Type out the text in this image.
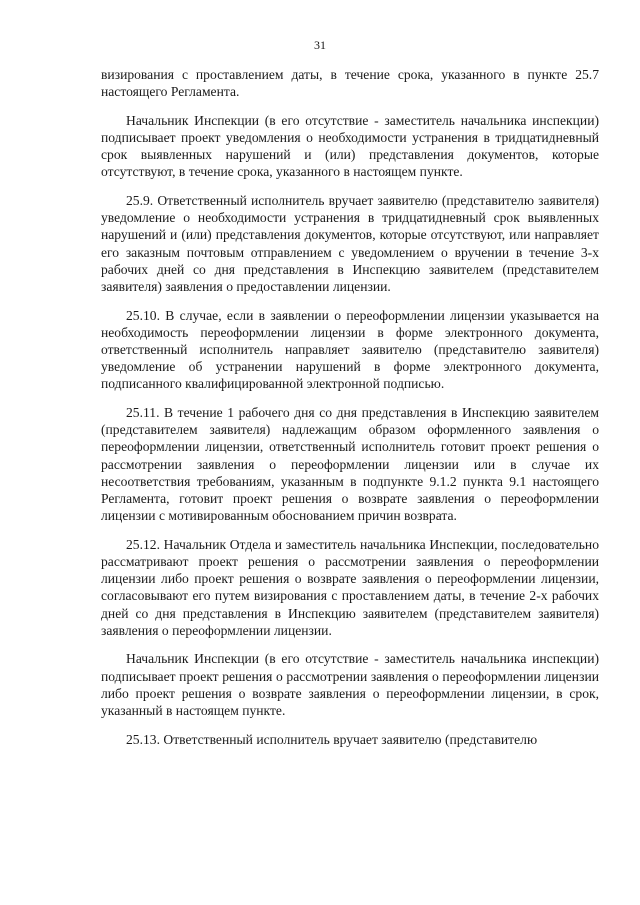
31

визирования с проставлением даты, в течение срока, указанного в пункте 25.7 настоящего Регламента.

Начальник Инспекции (в его отсутствие - заместитель начальника инспекции) подписывает проект уведомления о необходимости устранения в тридцатидневный срок выявленных нарушений и (или) представления документов, которые отсутствуют, в течение срока, указанного в настоящем пункте.

25.9. Ответственный исполнитель вручает заявителю (представителю заявителя) уведомление о необходимости устранения в тридцатидневный срок выявленных нарушений и (или) представления документов, которые отсутствуют, или направляет его заказным почтовым отправлением с уведомлением о вручении в течение 3-х рабочих дней со дня представления в Инспекцию заявителем (представителем заявителя) заявления о предоставлении лицензии.

25.10. В случае, если в заявлении о переоформлении лицензии указывается на необходимость переоформлении лицензии в форме электронного документа, ответственный исполнитель направляет заявителю (представителю заявителя) уведомление об устранении нарушений в форме электронного документа, подписанного квалифицированной электронной подписью.

25.11. В течение 1 рабочего дня со дня представления в Инспекцию заявителем (представителем заявителя) надлежащим образом оформленного заявления о переоформлении лицензии, ответственный исполнитель готовит проект решения о рассмотрении заявления о переоформлении лицензии или в случае их несоответствия требованиям, указанным в подпункте 9.1.2 пункта 9.1 настоящего Регламента, готовит проект решения о возврате заявления о переоформлении лицензии с мотивированным обоснованием причин возврата.

25.12. Начальник Отдела и заместитель начальника Инспекции, последовательно рассматривают проект решения о рассмотрении заявления о переоформлении лицензии либо проект решения о возврате заявления о переоформлении лицензии, согласовывают его путем визирования с проставлением даты, в течение 2-х рабочих дней со дня представления в Инспекцию заявителем (представителем заявителя) заявления о переоформлении лицензии.

Начальник Инспекции (в его отсутствие - заместитель начальника инспекции) подписывает проект решения о рассмотрении заявления о переоформлении лицензии либо проект решения о возврате заявления о переоформлении лицензии, в срок, указанный в настоящем пункте.

25.13. Ответственный исполнитель вручает заявителю (представителю
